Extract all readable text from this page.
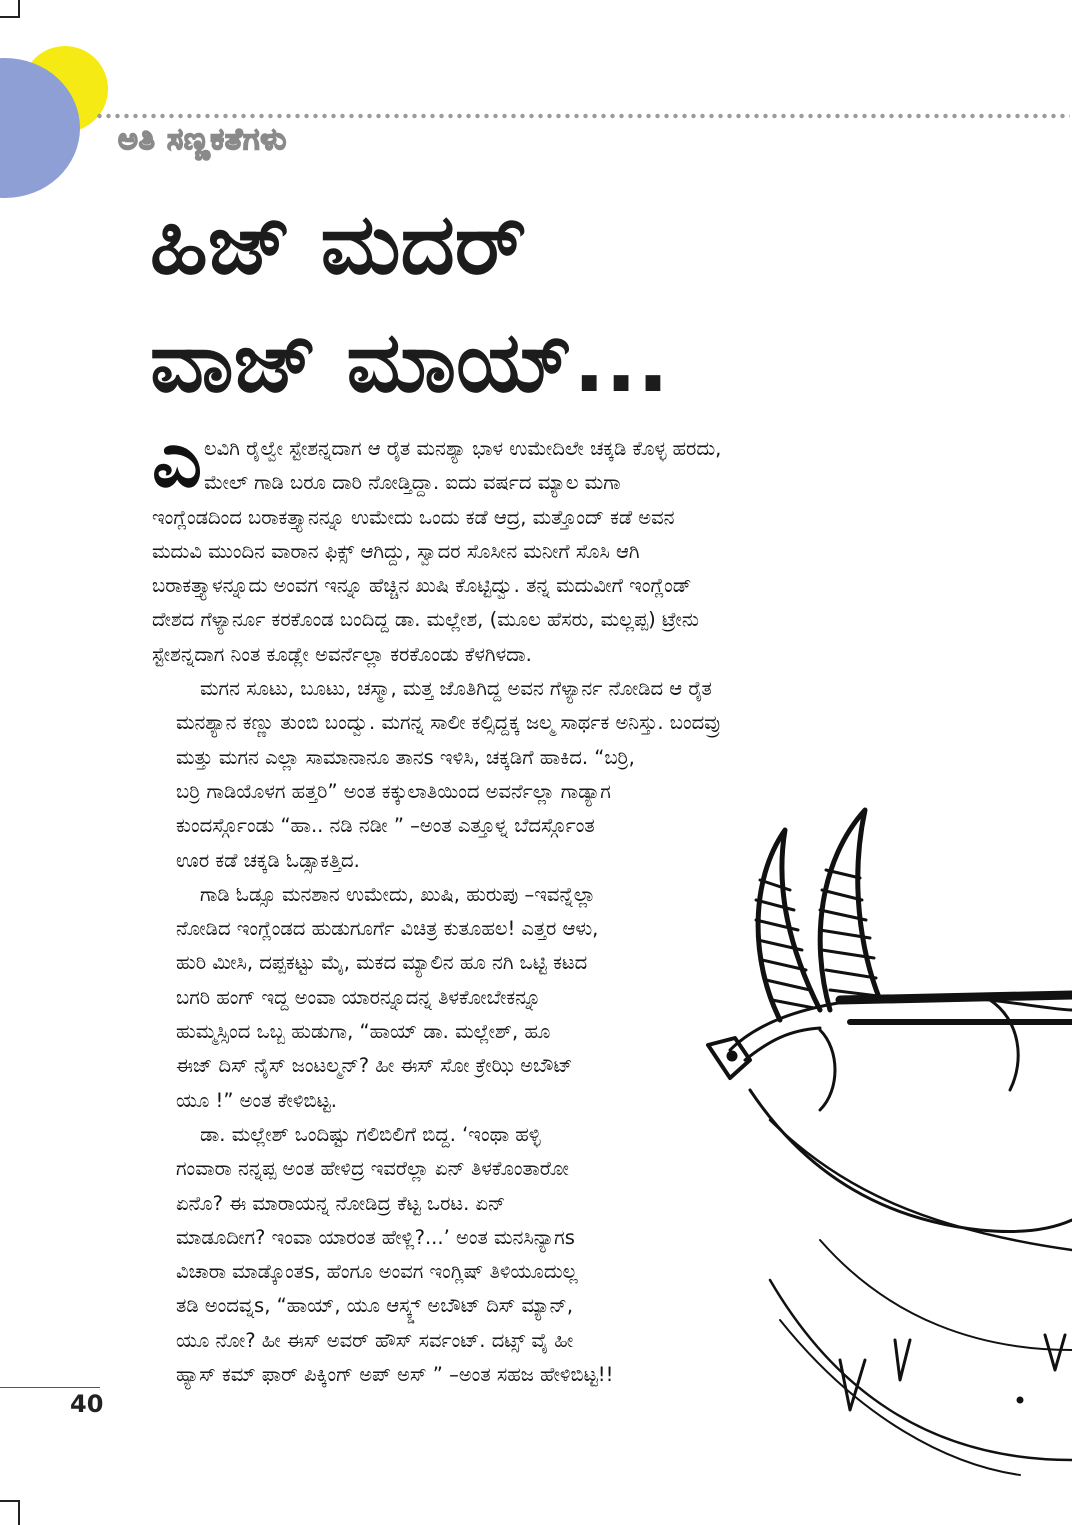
ಅತಿ ಸಣ್ಣಕತೆಗಳು
ಹಿಜ್ ಮದರ್
ವಾಜ್ ಮಾಯ್...
ಎ ಲವಿಗಿ ರೈಲ್ವೇ ಸ್ಟೇಶನ್ನದಾಗ ಆ ರೈತ ಮನಶ್ಯಾ ಭಾಳ ಉಮೇದಿಲೇ ಚಕ್ಕಡಿ ಕೊಳ್ಳ ಹರದು,
ಮೇಲ್ ಗಾಡಿ ಬರೂ ದಾರಿ ನೋಡ್ತಿದ್ದಾ. ಐದು ವರ್ಷದ ಮ್ಯಾಲ ಮಗಾ
ಇಂಗ್ಲೆಂಡದಿಂದ ಬರಾಕತ್ತ್ಯಾನನ್ನೂ ಉಮೇದು ಒಂದು ಕಡೆ ಆದ್ರ, ಮತ್ತೊಂದ್ ಕಡೆ ಅವನ
ಮದುವಿ ಮುಂದಿನ ವಾರಾನ ಫಿಕ್ಸ್ ಆಗಿದ್ದು, ಸ್ವಾದರ ಸೊಸೀನ ಮನೀಗೆ ಸೊಸಿ ಆಗಿ
ಬರಾಕತ್ತ್ಯಾಳನ್ನೂದು ಅಂವಗ ಇನ್ನೂ ಹೆಚ್ಚಿನ ಖುಷಿ ಕೊಟ್ಟಿದ್ವು. ತನ್ನ ಮದುವೀಗೆ ಇಂಗ್ಲೆಂಡ್
ದೇಶದ ಗೆಳ್ಯಾರ್ನೂ ಕರಕೊಂಡ ಬಂದಿದ್ದ ಡಾ. ಮಲ್ಲೇಶ, (ಮೂಲ ಹೆಸರು, ಮಲ್ಲಪ್ಪ) ಟ್ರೇನು
ಸ್ಟೇಶನ್ನದಾಗ ನಿಂತ ಕೂಡ್ಲೇ ಅವರ್ನೆಲ್ಲಾ ಕರಕೊಂಡು ಕೆಳಗಿಳದಾ.

ಮಗನ ಸೂಟು, ಬೂಟು, ಚಸ್ಮಾ, ಮತ್ತ ಜೊತಿಗಿದ್ದ ಅವನ ಗೆಳ್ಯಾರ್ನ ನೋಡಿದ ಆ ರೈತ
ಮನಶ್ಯಾನ ಕಣ್ಣು ತುಂಬಿ ಬಂದ್ವು. ಮಗನ್ನ ಸಾಲೀ ಕಲ್ಸಿದ್ದಕ್ಕ ಜಲ್ಮ ಸಾರ್ಥಕ ಅನಿಸ್ತು. ಬಂದವ್ರು
ಮತ್ತು ಮಗನ ಎಲ್ಲಾ ಸಾಮಾನಾನೂ ತಾನs ಇಳಿಸಿ, ಚಕ್ಕಡಿಗೆ ಹಾಕಿದ. “ಬರ್ರಿ,
ಬರ್ರಿ ಗಾಡಿಯೊಳಗ ಹತ್ತರಿ” ಅಂತ ಕಕ್ಕುಲಾತಿಯಿಂದ ಅವರ್ನೆಲ್ಲಾ ಗಾಡ್ಯಾಗ
ಕುಂದರ್ಸ್ಗೊಂಡು “ಹಾ.. ನಡಿ ನಡೀ ” –ಅಂತ ಎತ್ತೂಳ್ನ ಬೆದರ್ಸ್ಗೊಂತ
ಊರ ಕಡೆ ಚಕ್ಕಡಿ ಓಡ್ಸಾಕತ್ತಿದ.

ಗಾಡಿ ಓಡ್ಸೂ ಮನಶಾನ ಉಮೇದು, ಖುಷಿ, ಹುರುಪು –ಇವನ್ನೆಲ್ಲಾ
ನೋಡಿದ ಇಂಗ್ಲೆಂಡದ ಹುಡುಗೂರ್ಗೆ ವಿಚಿತ್ರ ಕುತೂಹಲ! ಎತ್ತರ ಆಳು,
ಹುರಿ ಮೀಸಿ, ದಪ್ಪಕಟ್ಟು ಮೈ, ಮಕದ ಮ್ಯಾಲಿನ ಹೂ ನಗಿ ಒಟ್ಟಿ ಕಟದ
ಬಗರಿ ಹಂಗ್ ಇದ್ದ ಅಂವಾ ಯಾರನ್ನೂದನ್ನ ತಿಳಕೋಬೇಕನ್ನೂ
ಹುಮ್ಮಸ್ಸಿಂದ ಒಬ್ಬ ಹುಡುಗಾ, “ಹಾಯ್ ಡಾ. ಮಲ್ಲೇಶ್, ಹೂ
ಈಜ್ ದಿಸ್ ನೈಸ್ ಜಂಟಲ್ಮನ್? ಹೀ ಈಸ್ ಸೋ ಕ್ರೇಝಿ ಅಬೌಟ್
ಯೂ !” ಅಂತ ಕೇಳಿಬಿಟ್ಟ.

ಡಾ. ಮಲ್ಲೇಶ್ ಒಂದಿಷ್ಟು ಗಲಿಬಿಲಿಗೆ ಬಿದ್ದ. ‘ಇಂಥಾ ಹಳ್ಳಿ
ಗಂವಾರಾ ನನ್ನಪ್ಪ ಅಂತ ಹೇಳಿದ್ರ ಇವರೆಲ್ಲಾ ಏನ್ ತಿಳಕೊಂತಾರೋ
ಏನೊ? ಈ ಮಾರಾಯನ್ನ ನೋಡಿದ್ರ ಕೆಟ್ಟ ಒರಟ. ಏನ್
ಮಾಡೂದೀಗ? ಇಂವಾ ಯಾರಂತ ಹೇಳ್ಲಿ?...’ ಅಂತ ಮನಸಿನ್ಯಾಗs
ವಿಚಾರಾ ಮಾಡ್ಕೊಂತs, ಹೆಂಗೂ ಅಂವಗ ಇಂಗ್ಲಿಷ್ ತಿಳಿಯೂದುಲ್ಲ
ತಡಿ ಅಂದವ್ನs, “ಹಾಯ್, ಯೂ ಆಸ್ಕ್ಡ್ ಅಬೌಟ್ ದಿಸ್ ಮ್ಯಾನ್,
ಯೂ ನೋ? ಹೀ ಈಸ್ ಅವರ್ ಹೌಸ್ ಸರ್ವಂಟ್. ದಟ್ಸ್ ವೈ ಹೀ
ಹ್ಯಾಸ್ ಕಮ್ ಫಾರ್ ಪಿಕ್ಕಿಂಗ್ ಅಪ್ ಅಸ್ ” –ಅಂತ ಸಹಜ ಹೇಳಿಬಿಟ್ಟ!!

40
